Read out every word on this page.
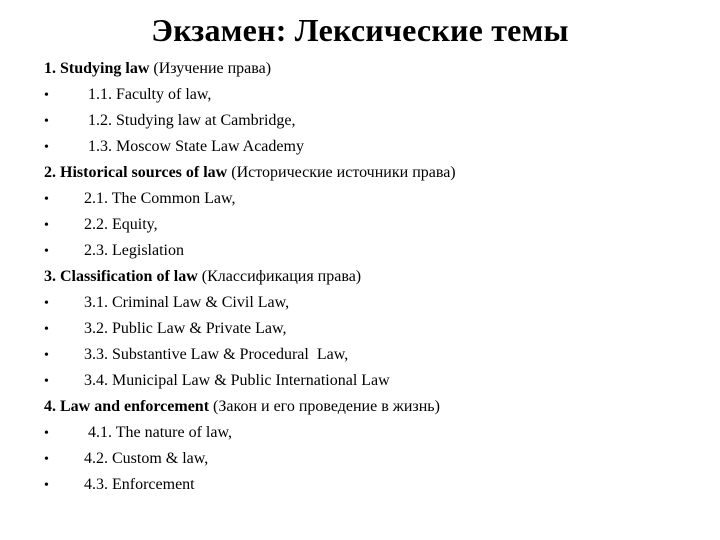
Экзамен: Лексические темы
1. Studying law (Изучение права)
• 1.1. Faculty of law,
• 1.2. Studying law at Cambridge,
• 1.3. Moscow State Law Academy
2. Historical sources of law (Исторические источники права)
• 2.1. The Common Law,
• 2.2. Equity,
• 2.3. Legislation
3. Classification of law (Классификация права)
• 3.1. Criminal Law & Civil Law,
• 3.2. Public Law & Private Law,
• 3.3. Substantive Law & Procedural  Law,
• 3.4. Municipal Law & Public International Law
4. Law and enforcement (Закон и его проведение в жизнь)
• 4.1. The nature of law,
• 4.2. Custom & law,
• 4.3. Enforcement
